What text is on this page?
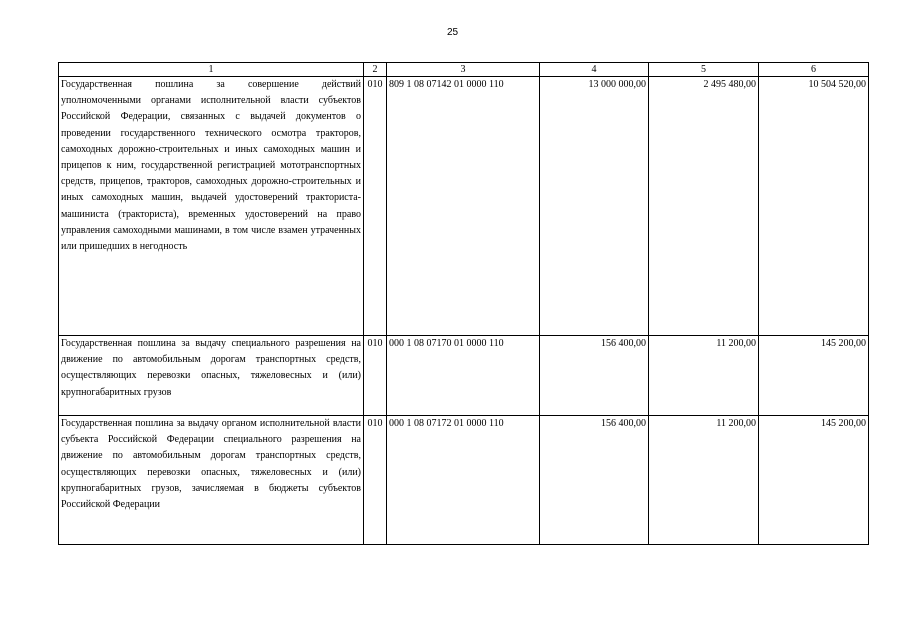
25
1	2	3	4	5	6
Государственная пошлина за совершение действий уполномоченными органами исполнительной власти субъектов Российской Федерации, связанных с выдачей документов о проведении государственного технического осмотра тракторов, самоходных дорожно-строительных и иных самоходных машин и прицепов к ним, государственной регистрацией мототранспортных средств, прицепов, тракторов, самоходных дорожно-строительных и иных самоходных машин, выдачей удостоверений тракториста-машиниста (тракториста), временных удостоверений на право управления самоходными машинами, в том числе взамен утраченных или пришедших в негодность	010	809 1 08 07142 01 0000 110	13 000 000,00	2 495 480,00	10 504 520,00
Государственная пошлина за выдачу специального разрешения на движение по автомобильным дорогам транспортных средств, осуществляющих перевозки опасных, тяжеловесных и (или) крупногабаритных грузов	010	000 1 08 07170 01 0000 110	156 400,00	11 200,00	145 200,00
Государственная пошлина за выдачу органом исполнительной власти субъекта Российской Федерации специального разрешения на движение по автомобильным дорогам транспортных средств, осуществляющих перевозки опасных, тяжеловесных и (или) крупногабаритных грузов, зачисляемая в бюджеты субъектов Российской Федерации	010	000 1 08 07172 01 0000 110	156 400,00	11 200,00	145 200,00
